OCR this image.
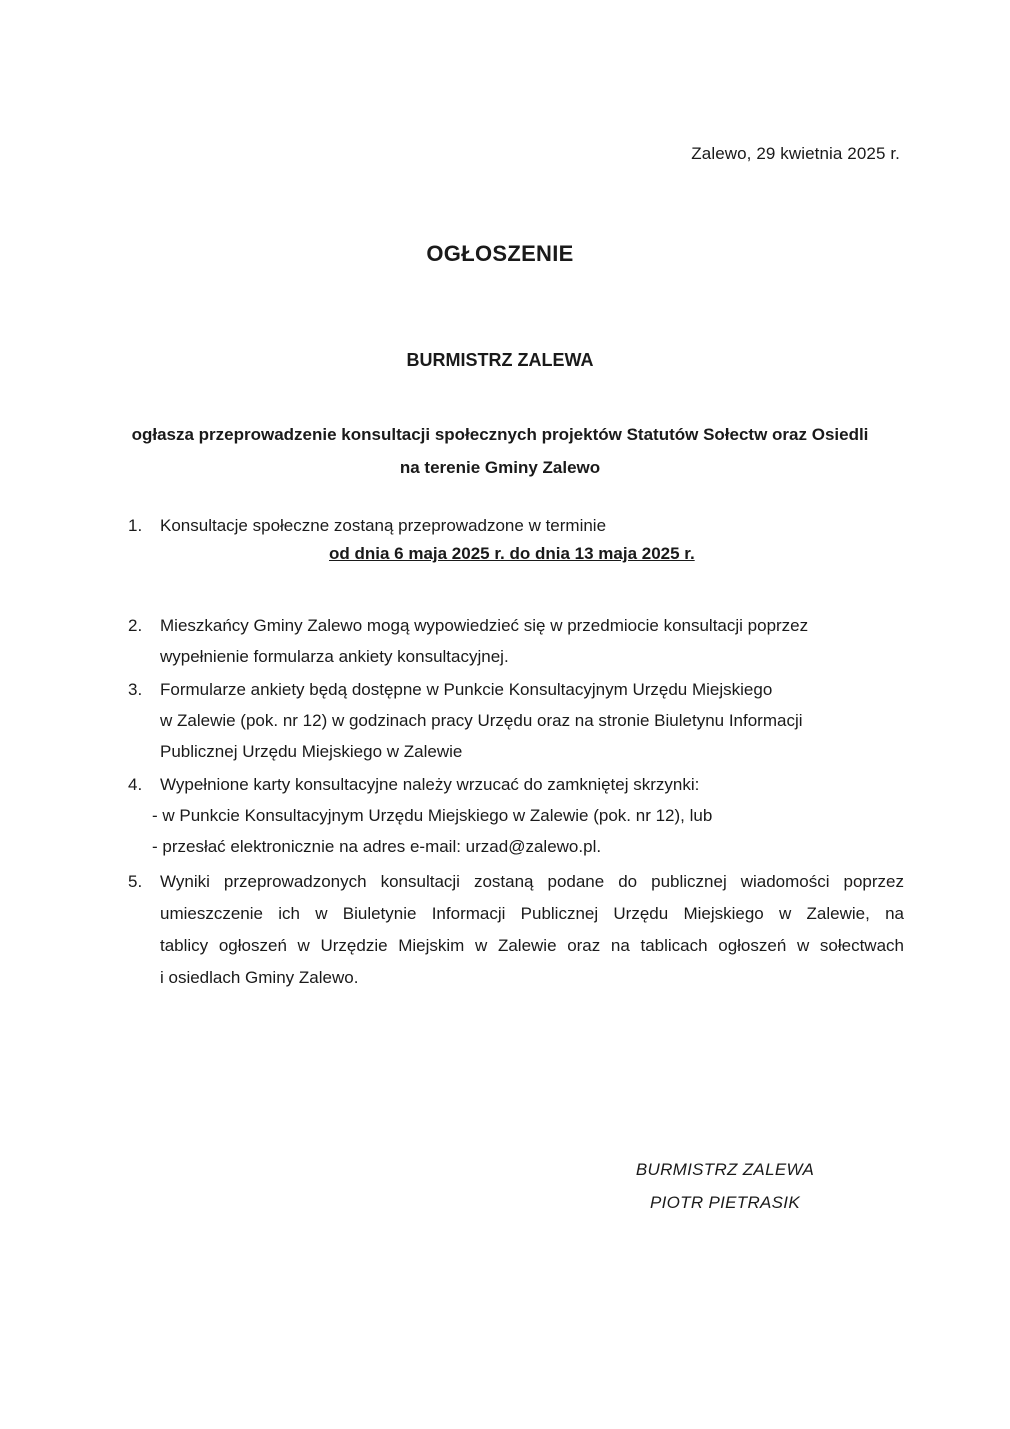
Zalewo, 29 kwietnia 2025 r.
OGŁOSZENIE
BURMISTRZ ZALEWA
ogłasza przeprowadzenie konsultacji społecznych projektów Statutów Sołectw oraz Osiedli
na terenie Gminy Zalewo
1.	Konsultacje społeczne zostaną przeprowadzone w terminie
od dnia 6 maja 2025 r. do dnia 13 maja 2025 r.
2.	Mieszkańcy Gminy Zalewo mogą wypowiedzieć się w przedmiocie konsultacji poprzez
wypełnienie formularza ankiety konsultacyjnej.
3.	Formularze ankiety będą dostępne w Punkcie Konsultacyjnym Urzędu Miejskiego
w Zalewie (pok. nr 12) w godzinach pracy Urzędu oraz na stronie Biuletynu Informacji
Publicznej Urzędu Miejskiego w Zalewie
4.	Wypełnione karty konsultacyjne należy wrzucać do zamkniętej skrzynki:
- w Punkcie Konsultacyjnym Urzędu Miejskiego w Zalewie (pok. nr 12), lub
- przesłać elektronicznie na adres e-mail: urzad@zalewo.pl.
5.	Wyniki przeprowadzonych konsultacji zostaną podane do publicznej wiadomości poprzez
umieszczenie ich w Biuletynie Informacji Publicznej Urzędu Miejskiego w Zalewie, na
tablicy ogłoszeń w Urzędzie Miejskim w Zalewie oraz na tablicach ogłoszeń w sołectwach
i osiedlach Gminy Zalewo.
BURMISTRZ ZALEWA
PIOTR PIETRASIK
